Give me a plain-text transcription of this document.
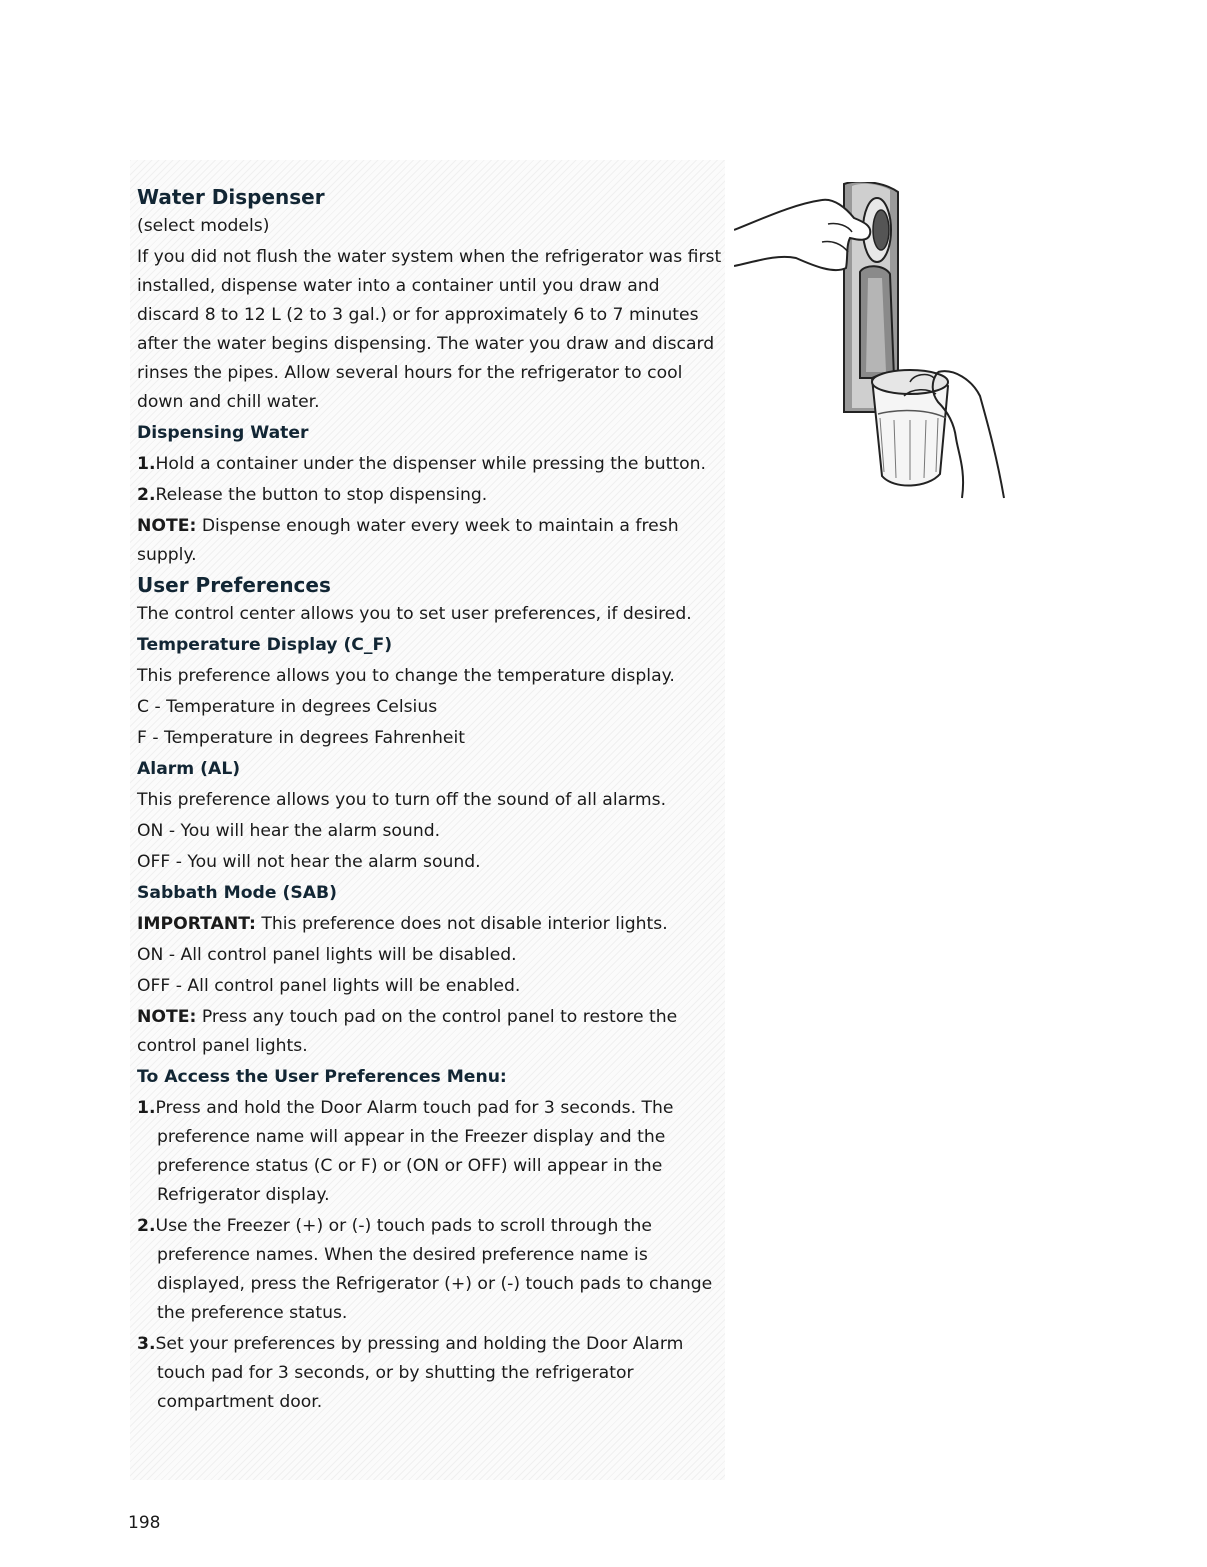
Water Dispenser

(select models)

If you did not flush the water system when the refrigerator was first installed, dispense water into a container until you draw and discard 8 to 12 L (2 to 3 gal.) or for approximately 6 to 7 minutes after the water begins dispensing. The water you draw and discard rinses the pipes. Allow several hours for the refrigerator to cool down and chill water.

Dispensing Water

1.Hold a container under the dispenser while pressing the button.

2.Release the button to stop dispensing.

NOTE: Dispense enough water every week to maintain a fresh supply.

User Preferences

The control center allows you to set user preferences, if desired.

Temperature Display (C_F)

This preference allows you to change the temperature display.

C - Temperature in degrees Celsius

F - Temperature in degrees Fahrenheit

Alarm (AL)

This preference allows you to turn off the sound of all alarms.

ON - You will hear the alarm sound.

OFF - You will not hear the alarm sound.

Sabbath Mode (SAB)

IMPORTANT: This preference does not disable interior lights.

ON - All control panel lights will be disabled.

OFF - All control panel lights will be enabled.

NOTE: Press any touch pad on the control panel to restore the control panel lights.

To Access the User Preferences Menu:

1.Press and hold the Door Alarm touch pad for 3 seconds. The preference name will appear in the Freezer display and the preference status (C or F) or (ON or OFF) will appear in the Refrigerator display.

2.Use the Freezer (+) or (-) touch pads to scroll through the preference names. When the desired preference name is displayed, press the Refrigerator (+) or (-) touch pads to change the preference status.

3.Set your preferences by pressing and holding the Door Alarm touch pad for 3 seconds, or by shutting the refrigerator compartment door.

198
